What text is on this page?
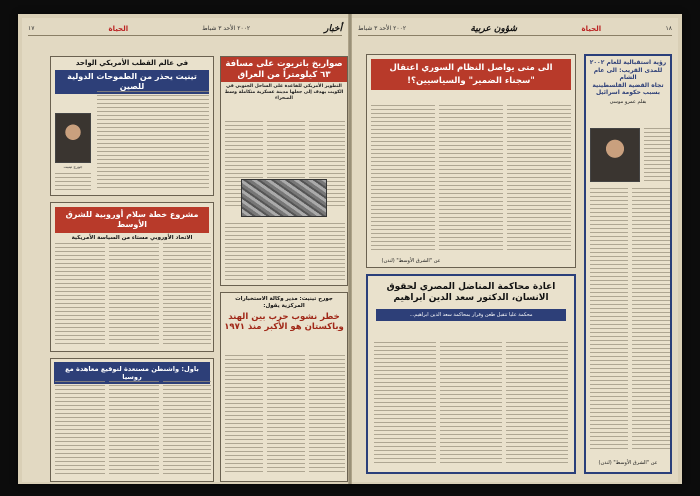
أخبار
٢٠٠٢ الأحد ٣ شباط
الحياة
١٧
في عالم القطب الأمريكي الواحد
تينيت يحذر من الطموحات الدولية للصين
جورج تينيت
صواريخ باتريوت على مسافة
٦٣ كيلومتراً من العراق
التطوير الأمريكي للقاعدة على الساحل الجنوبي في الكويت يهدف إلى جعلها مدينة عسكرية متكاملة وسط الصحراء
مشروع خطة سلام أوروبية للشرق الأوسط
الاتحاد الأوروبي مستاء من السياسة الأمريكية
جورج تينيت: مدير وكالة الاستخبارات
المركزية يقول:
خطر نشوب حرب بين الهند
وباكستان هو الأكبر منذ ١٩٧١
باول: واشنطن مستعدة لتوقيع معاهدة مع روسيا
١٨
الحياة
شؤون عربية
٢٠٠٢ الأحد ٣ شباط
الى متى يواصل النظام السوري اعتقال
"سجناء الضمير" والسياسيين؟!
عن "الشرق الأوسط" (لندن)
رؤية استقبالية للعام ٢٠٠٢
للمدى القريب: الى عام الشام
تجاه القضية الفلسطينية
بسبب حكومة اسرائيل
بقلم عمرو موسى
عن "الشرق الأوسط" (لندن)
اعادة محاكمة المناضل المصري لحقوق
الانسان، الدكتور سعد الدين ابراهيم
محكمة عليا تتقبل طعن وقرار بمحاكمة سعد الدين ابراهيم...
